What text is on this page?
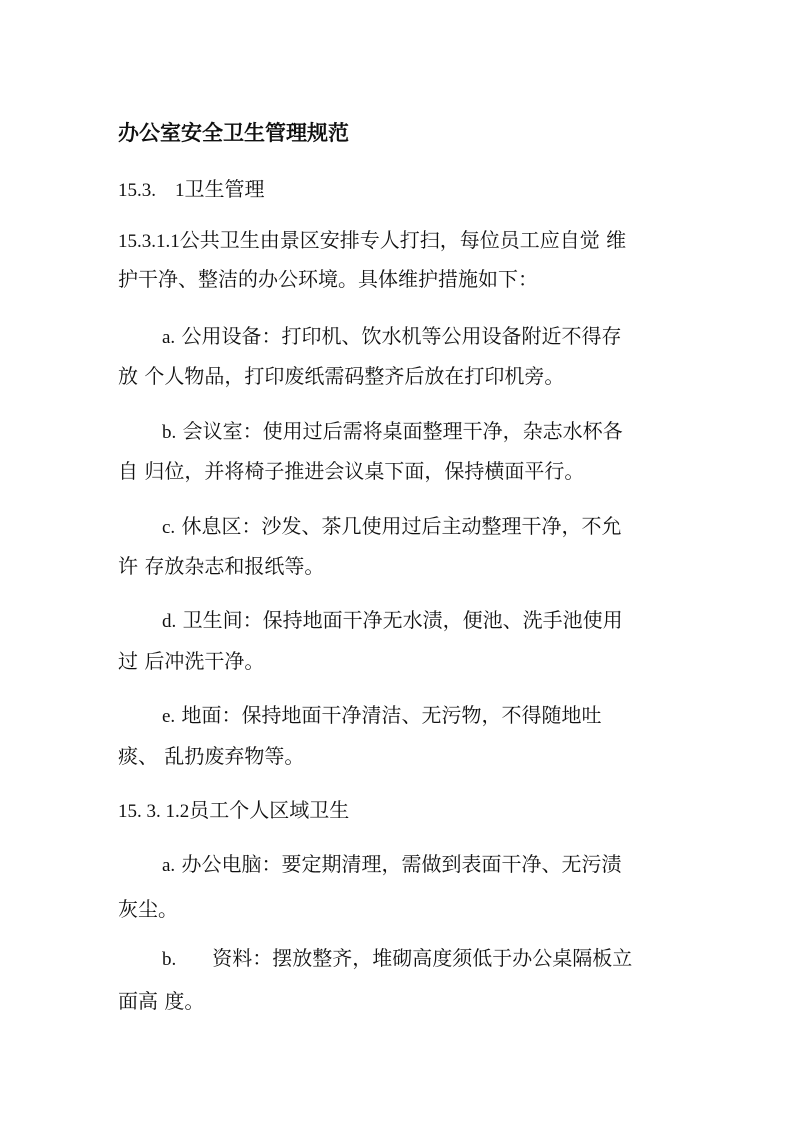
办公室安全卫生管理规范
15.3.    1卫生管理
15.3.1.1公共卫生由景区安排专人打扫，每位员工应自觉 维
护干净、整洁的办公环境。具体维护措施如下：
a. 公用设备：打印机、饮水机等公用设备附近不得存
放 个人物品，打印废纸需码整齐后放在打印机旁。
b. 会议室：使用过后需将桌面整理干净，杂志水杯各
自 归位，并将椅子推进会议桌下面，保持横面平行。
c. 休息区：沙发、茶几使用过后主动整理干净，不允
许 存放杂志和报纸等。
d. 卫生间：保持地面干净无水渍，便池、洗手池使用
过 后冲洗干净。
e. 地面：保持地面干净清洁、无污物，不得随地吐
痰、 乱扔废弃物等。
15. 3. 1.2员工个人区域卫生
a. 办公电脑：要定期清理，需做到表面干净、无污渍
灰尘。
b. 资料：摆放整齐，堆砌高度须低于办公桌隔板立
面高 度。
